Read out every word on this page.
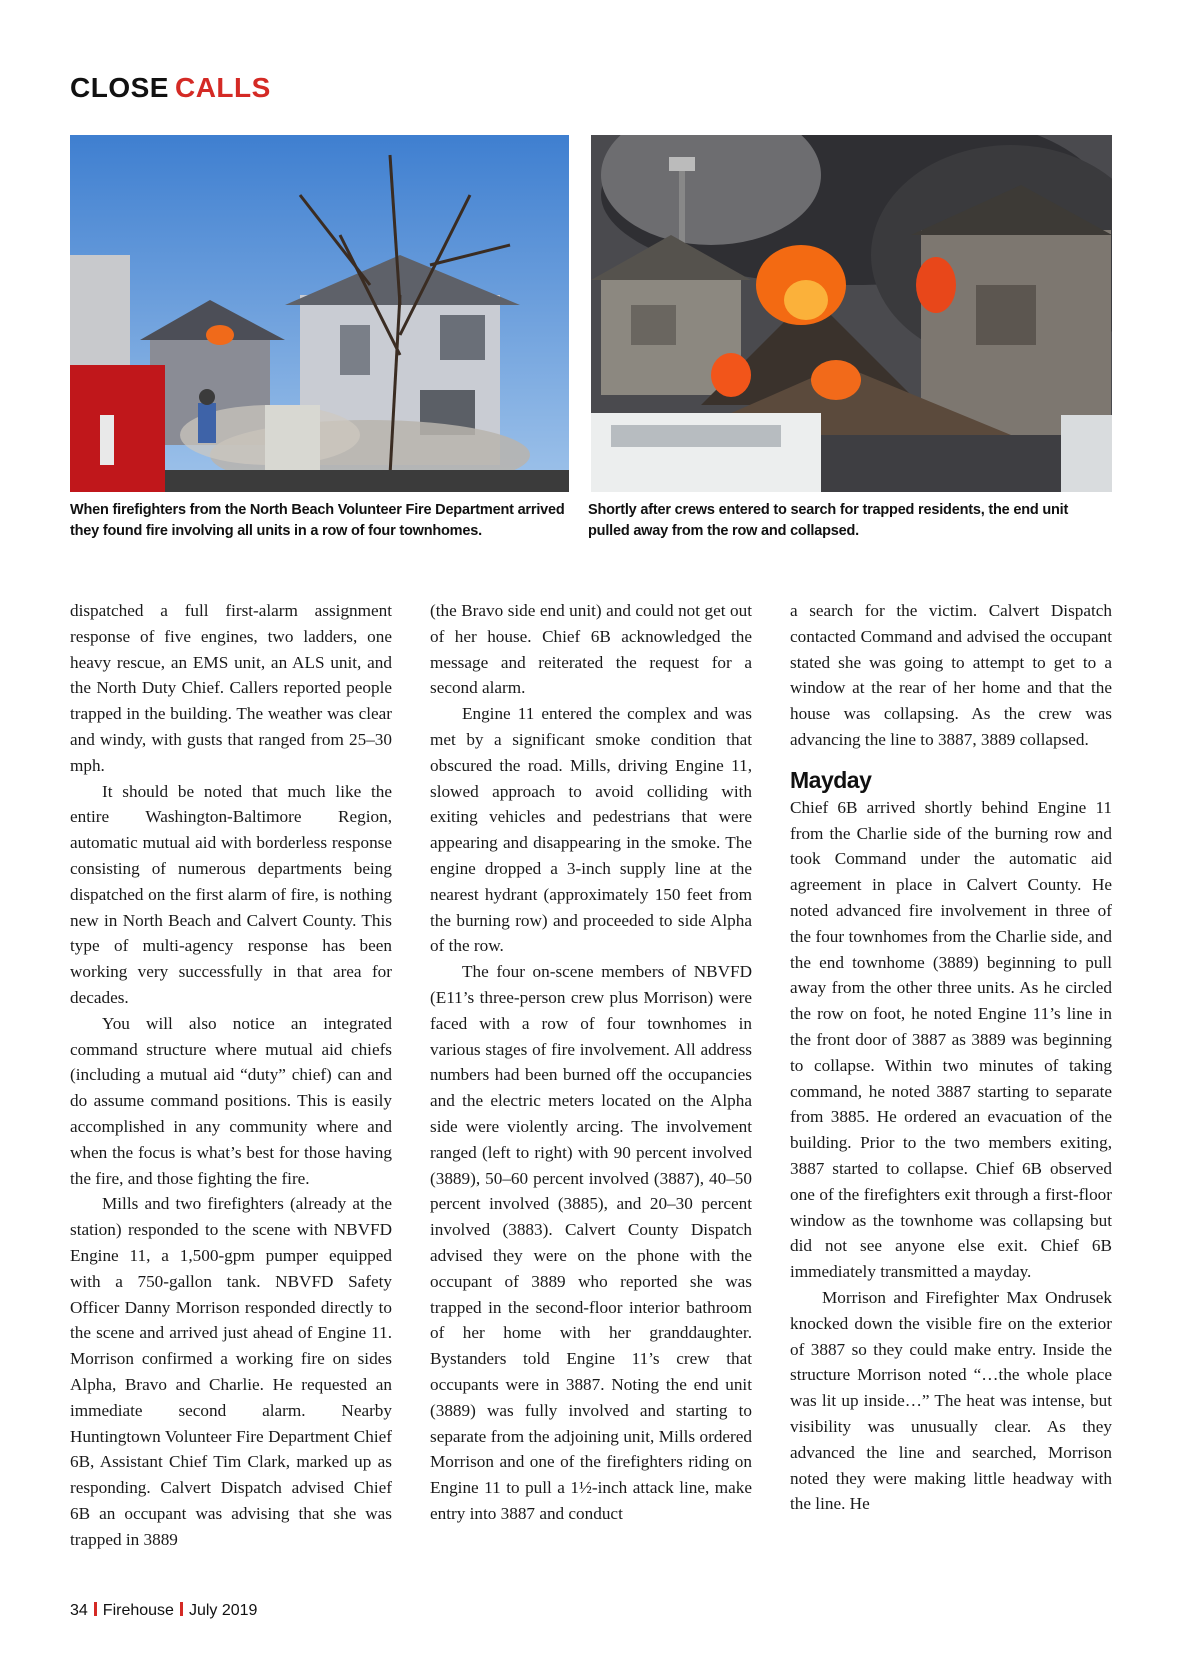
CLOSE CALLS
When firefighters from the North Beach Volunteer Fire Department arrived they found fire involving all units in a row of four townhomes.
Shortly after crews entered to search for trapped residents, the end unit pulled away from the row and collapsed.

dispatched a full first-alarm assignment response of five engines, two ladders, one heavy rescue, an EMS unit, an ALS unit, and the North Duty Chief. Callers reported people trapped in the building. The weather was clear and windy, with gusts that ranged from 25–30 mph.

It should be noted that much like the entire Washington-Baltimore Region, automatic mutual aid with borderless response consisting of numerous departments being dispatched on the first alarm of fire, is nothing new in North Beach and Calvert County. This type of multi-agency response has been working very successfully in that area for decades.

You will also notice an integrated command structure where mutual aid chiefs (including a mutual aid “duty” chief) can and do assume command positions. This is easily accomplished in any community where and when the focus is what’s best for those having the fire, and those fighting the fire.

Mills and two firefighters (already at the station) responded to the scene with NBVFD Engine 11, a 1,500-gpm pumper equipped with a 750-gallon tank. NBVFD Safety Officer Danny Morrison responded directly to the scene and arrived just ahead of Engine 11. Morrison confirmed a working fire on sides Alpha, Bravo and Charlie. He requested an immediate second alarm. Nearby Huntingtown Volunteer Fire Department Chief 6B, Assistant Chief Tim Clark, marked up as responding. Calvert Dispatch advised Chief 6B an occupant was advising that she was trapped in 3889

(the Bravo side end unit) and could not get out of her house. Chief 6B acknowledged the message and reiterated the request for a second alarm.

Engine 11 entered the complex and was met by a significant smoke condition that obscured the road. Mills, driving Engine 11, slowed approach to avoid colliding with exiting vehicles and pedestrians that were appearing and disappearing in the smoke. The engine dropped a 3-inch supply line at the nearest hydrant (approximately 150 feet from the burning row) and proceeded to side Alpha of the row.

The four on-scene members of NBVFD (E11’s three-person crew plus Morrison) were faced with a row of four townhomes in various stages of fire involvement. All address numbers had been burned off the occupancies and the electric meters located on the Alpha side were violently arcing. The involvement ranged (left to right) with 90 percent involved (3889), 50–60 percent involved (3887), 40–50 percent involved (3885), and 20–30 percent involved (3883). Calvert County Dispatch advised they were on the phone with the occupant of 3889 who reported she was trapped in the second-floor interior bathroom of her home with her granddaughter. Bystanders told Engine 11’s crew that occupants were in 3887. Noting the end unit (3889) was fully involved and starting to separate from the adjoining unit, Mills ordered Morrison and one of the firefighters riding on Engine 11 to pull a 1½-inch attack line, make entry into 3887 and conduct

a search for the victim. Calvert Dispatch contacted Command and advised the occupant stated she was going to attempt to get to a window at the rear of her home and that the house was collapsing. As the crew was advancing the line to 3887, 3889 collapsed.

Mayday

Chief 6B arrived shortly behind Engine 11 from the Charlie side of the burning row and took Command under the automatic aid agreement in place in Calvert County. He noted advanced fire involvement in three of the four townhomes from the Charlie side, and the end townhome (3889) beginning to pull away from the other three units. As he circled the row on foot, he noted Engine 11’s line in the front door of 3887 as 3889 was beginning to collapse. Within two minutes of taking command, he noted 3887 starting to separate from 3885. He ordered an evacuation of the building. Prior to the two members exiting, 3887 started to collapse. Chief 6B observed one of the firefighters exit through a first-floor window as the townhome was collapsing but did not see anyone else exit. Chief 6B immediately transmitted a mayday.

Morrison and Firefighter Max Ondrusek knocked down the visible fire on the exterior of 3887 so they could make entry. Inside the structure Morrison noted “…the whole place was lit up inside…” The heat was intense, but visibility was unusually clear. As they advanced the line and searched, Morrison noted they were making little headway with the line. He

34 Firehouse July 2019
